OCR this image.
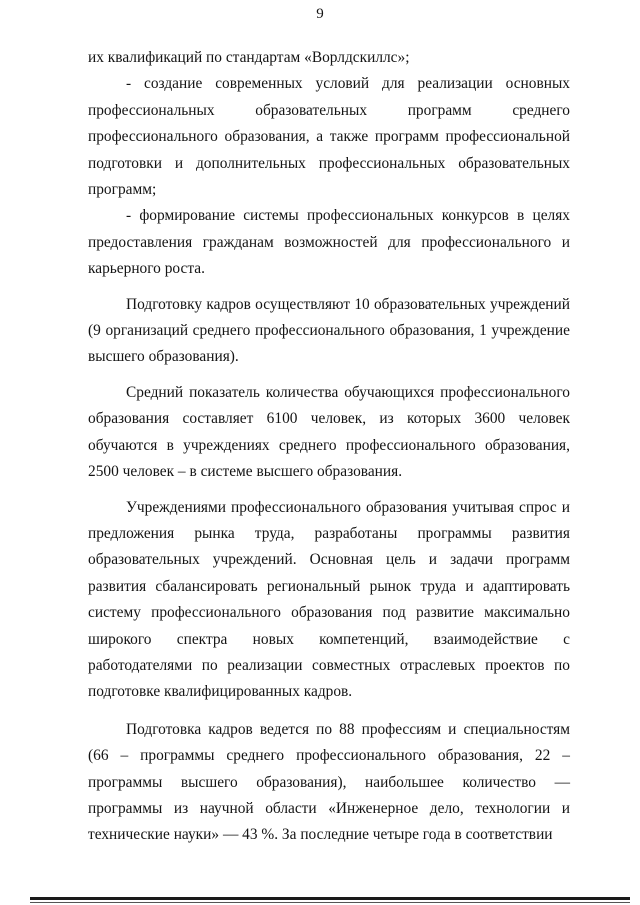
9

их квалификаций по стандартам «Ворлдскиллс»;

- создание современных условий для реализации основных профессиональных образовательных программ среднего профессионального образования, а также программ профессиональной подготовки и дополнительных профессиональных образовательных программ;

- формирование системы профессиональных конкурсов в целях предоставления гражданам возможностей для профессионального и карьерного роста.

Подготовку кадров осуществляют 10 образовательных учреждений (9 организаций среднего профессионального образования, 1 учреждение высшего образования).

Средний показатель количества обучающихся профессионального образования составляет 6100 человек, из которых 3600 человек обучаются в учреждениях среднего профессионального образования, 2500 человек – в системе высшего образования.

Учреждениями профессионального образования учитывая спрос и предложения рынка труда, разработаны программы развития образовательных учреждений. Основная цель и задачи программ развития сбалансировать региональный рынок труда и адаптировать систему профессионального образования под развитие максимально широкого спектра новых компетенций, взаимодействие с работодателями по реализации совместных отраслевых проектов по подготовке квалифицированных кадров.

Подготовка кадров ведется по 88 профессиям и специальностям (66 – программы среднего профессионального образования, 22 – программы высшего образования), наибольшее количество — программы из научной области «Инженерное дело, технологии и технические науки» — 43 %. За последние четыре года в соответствии
